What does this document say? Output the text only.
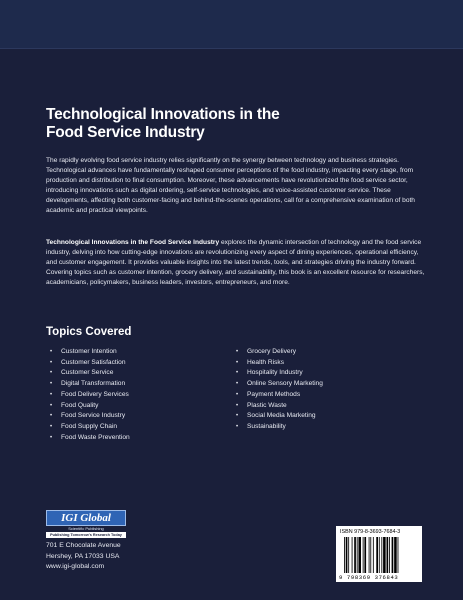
Technological Innovations in the
Food Service Industry
The rapidly evolving food service industry relies significantly on the synergy between technology and business strategies. Technological advances have fundamentally reshaped consumer perceptions of the food industry, impacting every stage, from production and distribution to final consumption. Moreover, these advancements have revolutionized the food service sector, introducing innovations such as digital ordering, self-service technologies, and voice-assisted customer service. These developments, affecting both customer-facing and behind-the-scenes operations, call for a comprehensive examination of both academic and practical viewpoints.
Technological Innovations in the Food Service Industry explores the dynamic intersection of technology and the food service industry, delving into how cutting-edge innovations are revolutionizing every aspect of dining experiences, operational efficiency, and customer engagement. It provides valuable insights into the latest trends, tools, and strategies driving the industry forward. Covering topics such as customer intention, grocery delivery, and sustainability, this book is an excellent resource for researchers, academicians, policymakers, business leaders, investors, entrepreneurs, and more.
Topics Covered
• Customer Intention
• Customer Satisfaction
• Customer Service
• Digital Transformation
• Food Delivery Services
• Food Quality
• Food Service Industry
• Food Supply Chain
• Food Waste Prevention
• Grocery Delivery
• Health Risks
• Hospitality Industry
• Online Sensory Marketing
• Payment Methods
• Plastic Waste
• Social Media Marketing
• Sustainability
IGI Global
Scientific Publishing
Publishing Tomorrow's Research Today
701 E Chocolate Avenue
Hershey, PA 17033 USA
www.igi-global.com
ISBN 979-8-3693-7684-3
9 798369 376843
